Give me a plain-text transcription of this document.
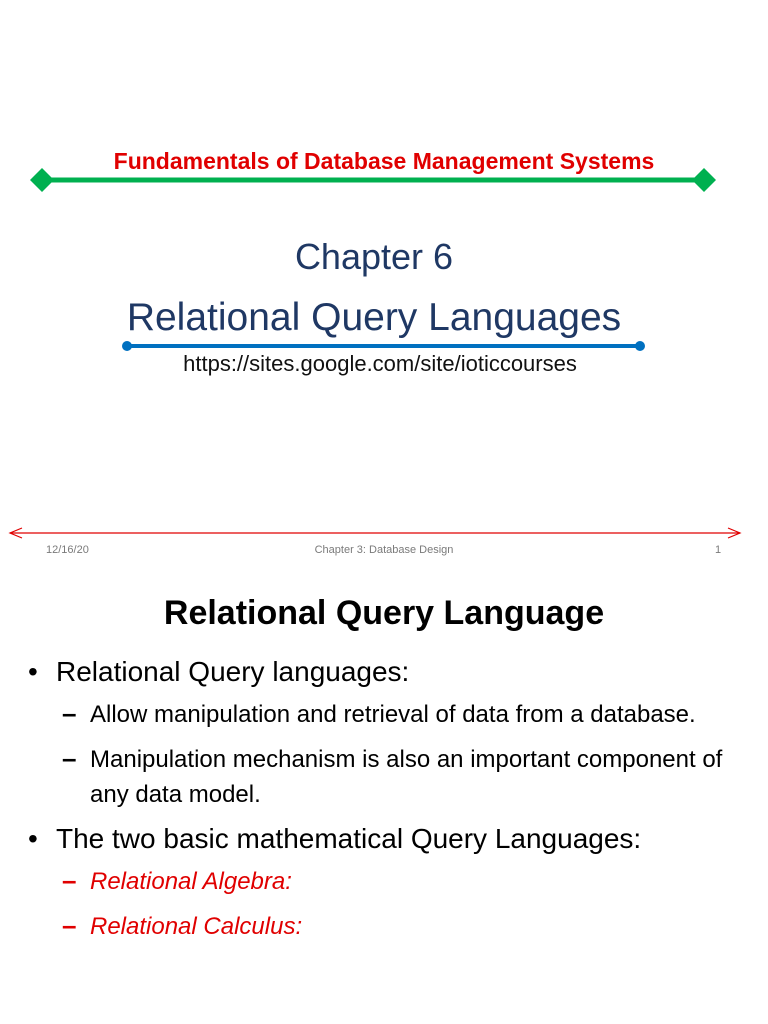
Fundamentals of Database Management Systems
Chapter 6
Relational Query Languages
https://sites.google.com/site/ioticcourses
12/16/20	Chapter 3: Database Design	1
Relational Query Language
• Relational Query languages:
– Allow manipulation and retrieval of data from a database.
– Manipulation mechanism is also an important component of any data model.
• The two basic mathematical Query Languages:
– Relational Algebra:
– Relational Calculus:
